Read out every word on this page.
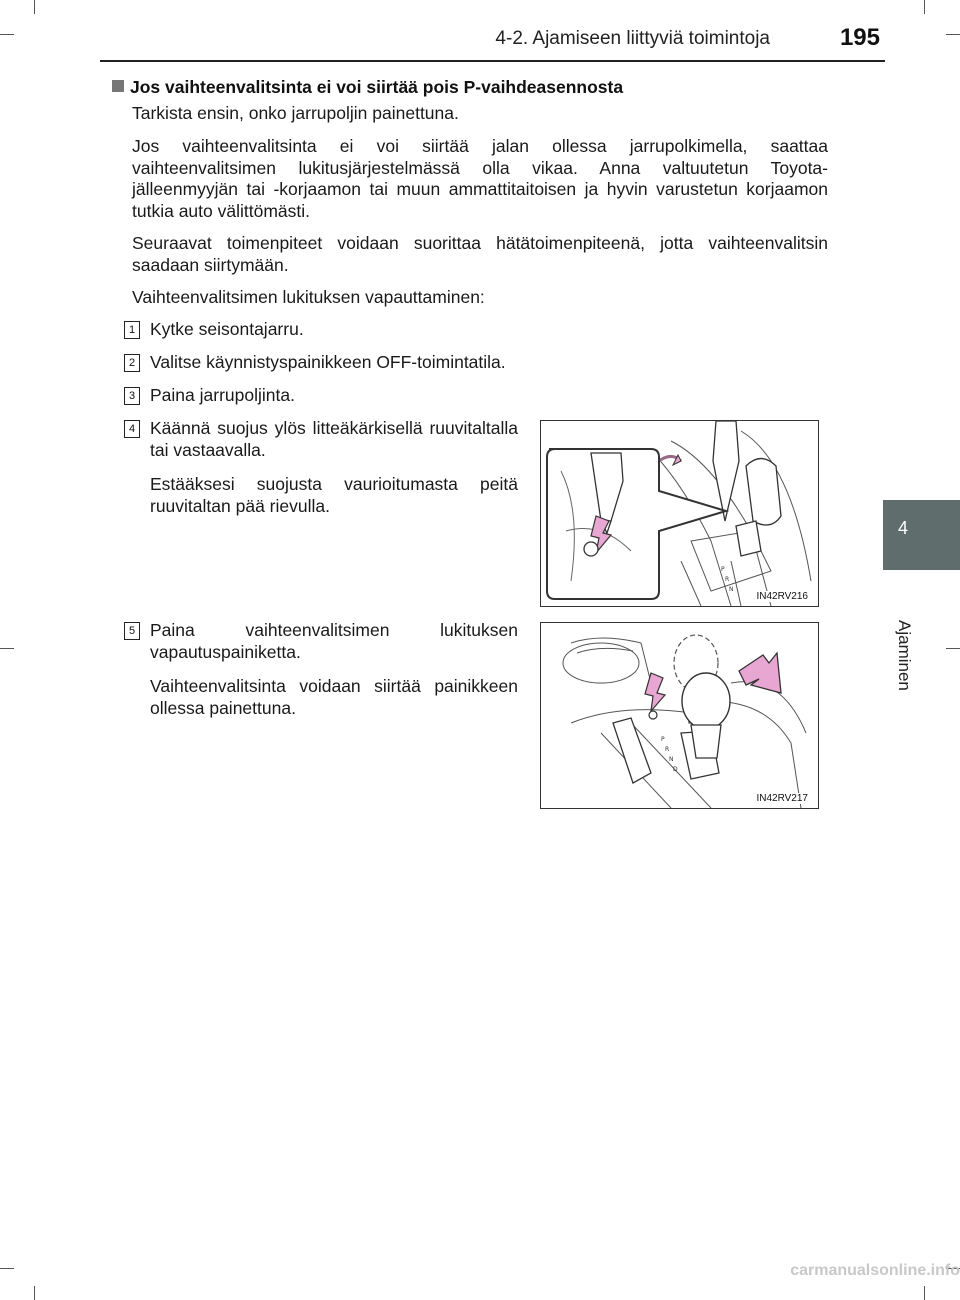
4-2. Ajamiseen liittyviä toimintoja	195
4
Ajaminen
Jos vaihteenvalitsinta ei voi siirtää pois P-vaihdeasennosta
Tarkista ensin, onko jarrupoljin painettuna.
Jos vaihteenvalitsinta ei voi siirtää jalan ollessa jarrupolkimella, saattaa vaihteenvalitsimen lukitusjärjestelmässä olla vikaa. Anna valtuutetun Toyota-jälleenmyyjän tai -korjaamon tai muun ammattitaitoisen ja hyvin varustetun korjaamon tutkia auto välittömästi.
Seuraavat toimenpiteet voidaan suorittaa hätätoimenpiteenä, jotta vaihteenvalitsin saadaan siirtymään.
Vaihteenvalitsimen lukituksen vapauttaminen:
1 Kytke seisontajarru.
2 Valitse käynnistyspainikkeen OFF-toimintatila.
3 Paina jarrupoljinta.
4 Käännä suojus ylös litteäkärkisellä ruuvitaltalla tai vastaavalla.
Estääksesi suojusta vaurioitumasta peitä ruuvitaltan pää rievulla.
P
R
N
IN42RV216
5 Paina vaihteenvalitsimen lukituksen vapautuspainiketta.
Vaihteenvalitsinta voidaan siirtää painikkeen ollessa painettuna.
P
R
N
D
IN42RV217
carmanualsonline.info
